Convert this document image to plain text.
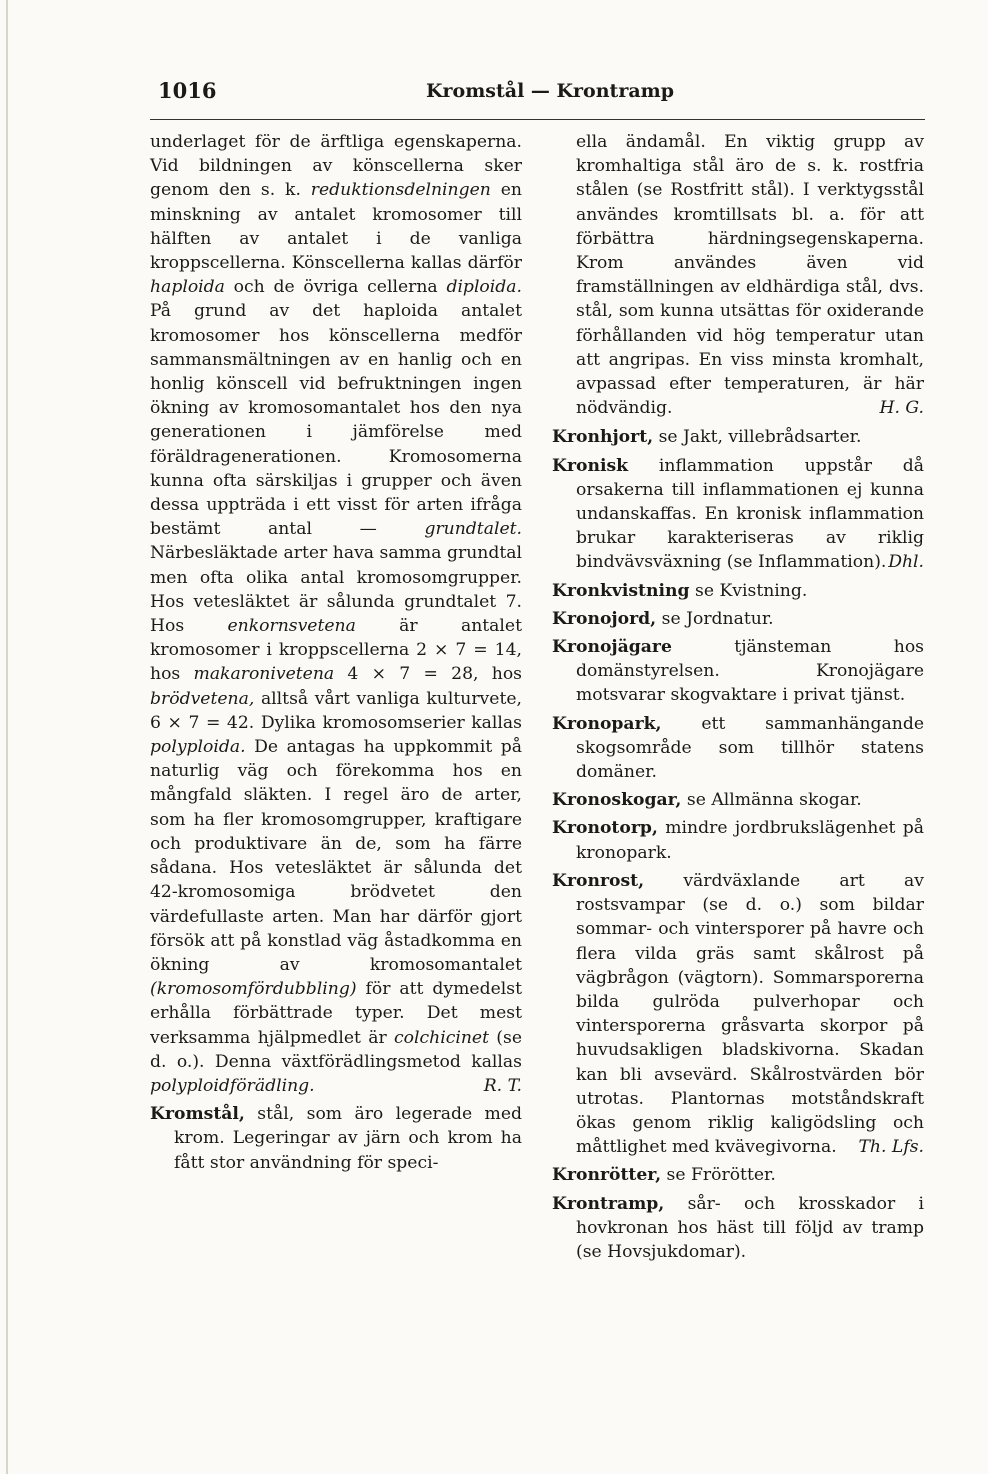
1016	Kromstål — Krontramp

underlaget för de ärftliga egenskaperna. Vid bildningen av könscellerna sker genom den s. k. reduktionsdelningen en minskning av antalet kromosomer till hälften av antalet i de vanliga kroppscellerna. Könscellerna kallas därför haploida och de övriga cellerna diploida. På grund av det haploida antalet kromosomer hos könscellerna medför sammansmältningen av en hanlig och en honlig könscell vid befruktningen ingen ökning av kromosomantalet hos den nya generationen i jämförelse med föräldragenerationen. Kromosomerna kunna ofta särskiljas i grupper och även dessa uppträda i ett visst för arten ifråga bestämt antal — grundtalet. Närbesläktade arter hava samma grundtal men ofta olika antal kromosomgrupper. Hos vetesläktet är sålunda grundtalet 7. Hos enkornsvetena är antalet kromosomer i kroppscellerna 2 × 7 = 14, hos makaronivetena 4 × 7 = 28, hos brödvetena, alltså vårt vanliga kulturvete, 6 × 7 = 42. Dylika kromosomserier kallas polyploida. De antagas ha uppkommit på naturlig väg och förekomma hos en mångfald släkten. I regel äro de arter, som ha fler kromosomgrupper, kraftigare och produktivare än de, som ha färre sådana. Hos vetesläktet är sålunda det 42-kromosomiga brödvetet den värdefullaste arten. Man har därför gjort försök att på konstlad väg åstadkomma en ökning av kromosomantalet (kromosomfördubbling) för att dymedelst erhålla förbättrade typer. Det mest verksamma hjälpmedlet är colchicinet (se d. o.). Denna växtförädlingsmetod kallas polyploidförädling.	R. T.

Kromstål, stål, som äro legerade med krom. Legeringar av järn och krom ha fått stor användning för speci-

ella ändamål. En viktig grupp av kromhaltiga stål äro de s. k. rostfria stålen (se Rostfritt stål). I verktygsstål användes kromtillsats bl. a. för att förbättra härdningsegenskaperna. Krom användes även vid framställningen av eldhärdiga stål, dvs. stål, som kunna utsättas för oxiderande förhållanden vid hög temperatur utan att angripas. En viss minsta kromhalt, avpassad efter temperaturen, är här nödvändig.	H. G.

Kronhjort, se Jakt, villebrådsarter.

Kronisk inflammation uppstår då orsakerna till inflammationen ej kunna undanskaffas. En kronisk inflammation brukar karakteriseras av riklig bindvävsväxning (se Inflammation). Dhl.

Kronkvistning se Kvistning.

Kronojord, se Jordnatur.

Kronojägare tjänsteman hos domänstyrelsen. Kronojägare motsvarar skogvaktare i privat tjänst.

Kronopark, ett sammanhängande skogsområde som tillhör statens domäner.

Kronoskogar, se Allmänna skogar.

Kronotorp, mindre jordbrukslägenhet på kronopark.

Kronrost, värdväxlande art av rostsvampar (se d. o.) som bildar sommar- och vintersporer på havre och flera vilda gräs samt skålrost på vägbrågon (vägtorn). Sommarsporerna bilda gulröda pulverhopar och vintersporerna gråsvarta skorpor på huvudsakligen bladskivorna. Skadan kan bli avsevärd. Skålrostvärden bör utrotas. Plantornas motståndskraft ökas genom riklig kaligödsling och måttlighet med kvävegivorna. Th. Lfs.

Kronrötter, se Frörötter.

Krontramp, sår- och krosskador i hovkronan hos häst till följd av tramp (se Hovsjukdomar).
